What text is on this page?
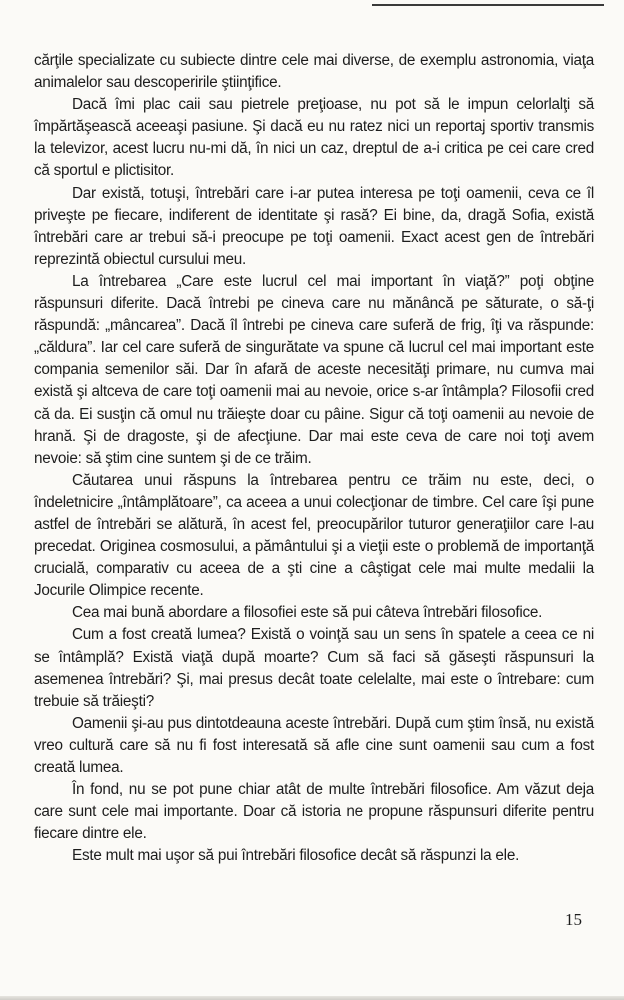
cărţile specializate cu subiecte dintre cele mai diverse, de exemplu astronomia, viaţa animalelor sau descoperirile ştiinţifice.

Dacă îmi plac caii sau pietrele preţioase, nu pot să le impun celorlalţi să împărtăşească aceeaşi pasiune. Şi dacă eu nu ratez nici un reportaj sportiv transmis la televizor, acest lucru nu-mi dă, în nici un caz, dreptul de a-i critica pe cei care cred că sportul e plictisitor.

Dar există, totuşi, întrebări care i-ar putea interesa pe toţi oamenii, ceva ce îl priveşte pe fiecare, indiferent de identitate şi rasă? Ei bine, da, dragă Sofia, există întrebări care ar trebui să-i preocupe pe toţi oamenii. Exact acest gen de întrebări reprezintă obiectul cursului meu.

La întrebarea „Care este lucrul cel mai important în viaţă?” poţi obţine răspunsuri diferite. Dacă întrebi pe cineva care nu mănâncă pe săturate, o să-ţi răspundă: „mâncarea”. Dacă îl întrebi pe cineva care suferă de frig, îţi va răspunde: „căldura”. Iar cel care suferă de singurătate va spune că lucrul cel mai important este compania semenilor săi. Dar în afară de aceste necesităţi primare, nu cumva mai există şi altceva de care toţi oamenii mai au nevoie, orice s-ar întâmpla? Filosofii cred că da. Ei susţin că omul nu trăieşte doar cu pâine. Sigur că toţi oamenii au nevoie de hrană. Şi de dragoste, şi de afecţiune. Dar mai este ceva de care noi toţi avem nevoie: să ştim cine suntem şi de ce trăim.

Căutarea unui răspuns la întrebarea pentru ce trăim nu este, deci, o îndeletnicire „întâmplătoare”, ca aceea a unui colecţionar de timbre. Cel care îşi pune astfel de întrebări se alătură, în acest fel, preocupărilor tuturor generaţiilor care l-au precedat. Originea cosmosului, a pământului şi a vieţii este o problemă de importanţă crucială, comparativ cu aceea de a şti cine a câştigat cele mai multe medalii la Jocurile Olimpice recente.

Cea mai bună abordare a filosofiei este să pui câteva întrebări filosofice.

Cum a fost creată lumea? Există o voinţă sau un sens în spatele a ceea ce ni se întâmplă? Există viaţă după moarte? Cum să faci să găseşti răspunsuri la asemenea întrebări? Şi, mai presus decât toate celelalte, mai este o întrebare: cum trebuie să trăieşti?

Oamenii şi-au pus dintotdeauna aceste întrebări. După cum ştim însă, nu există vreo cultură care să nu fi fost interesată să afle cine sunt oamenii sau cum a fost creată lumea.

În fond, nu se pot pune chiar atât de multe întrebări filosofice. Am văzut deja care sunt cele mai importante. Doar că istoria ne propune răspunsuri diferite pentru fiecare dintre ele.

Este mult mai uşor să pui întrebări filosofice decât să răspunzi la ele.

15
